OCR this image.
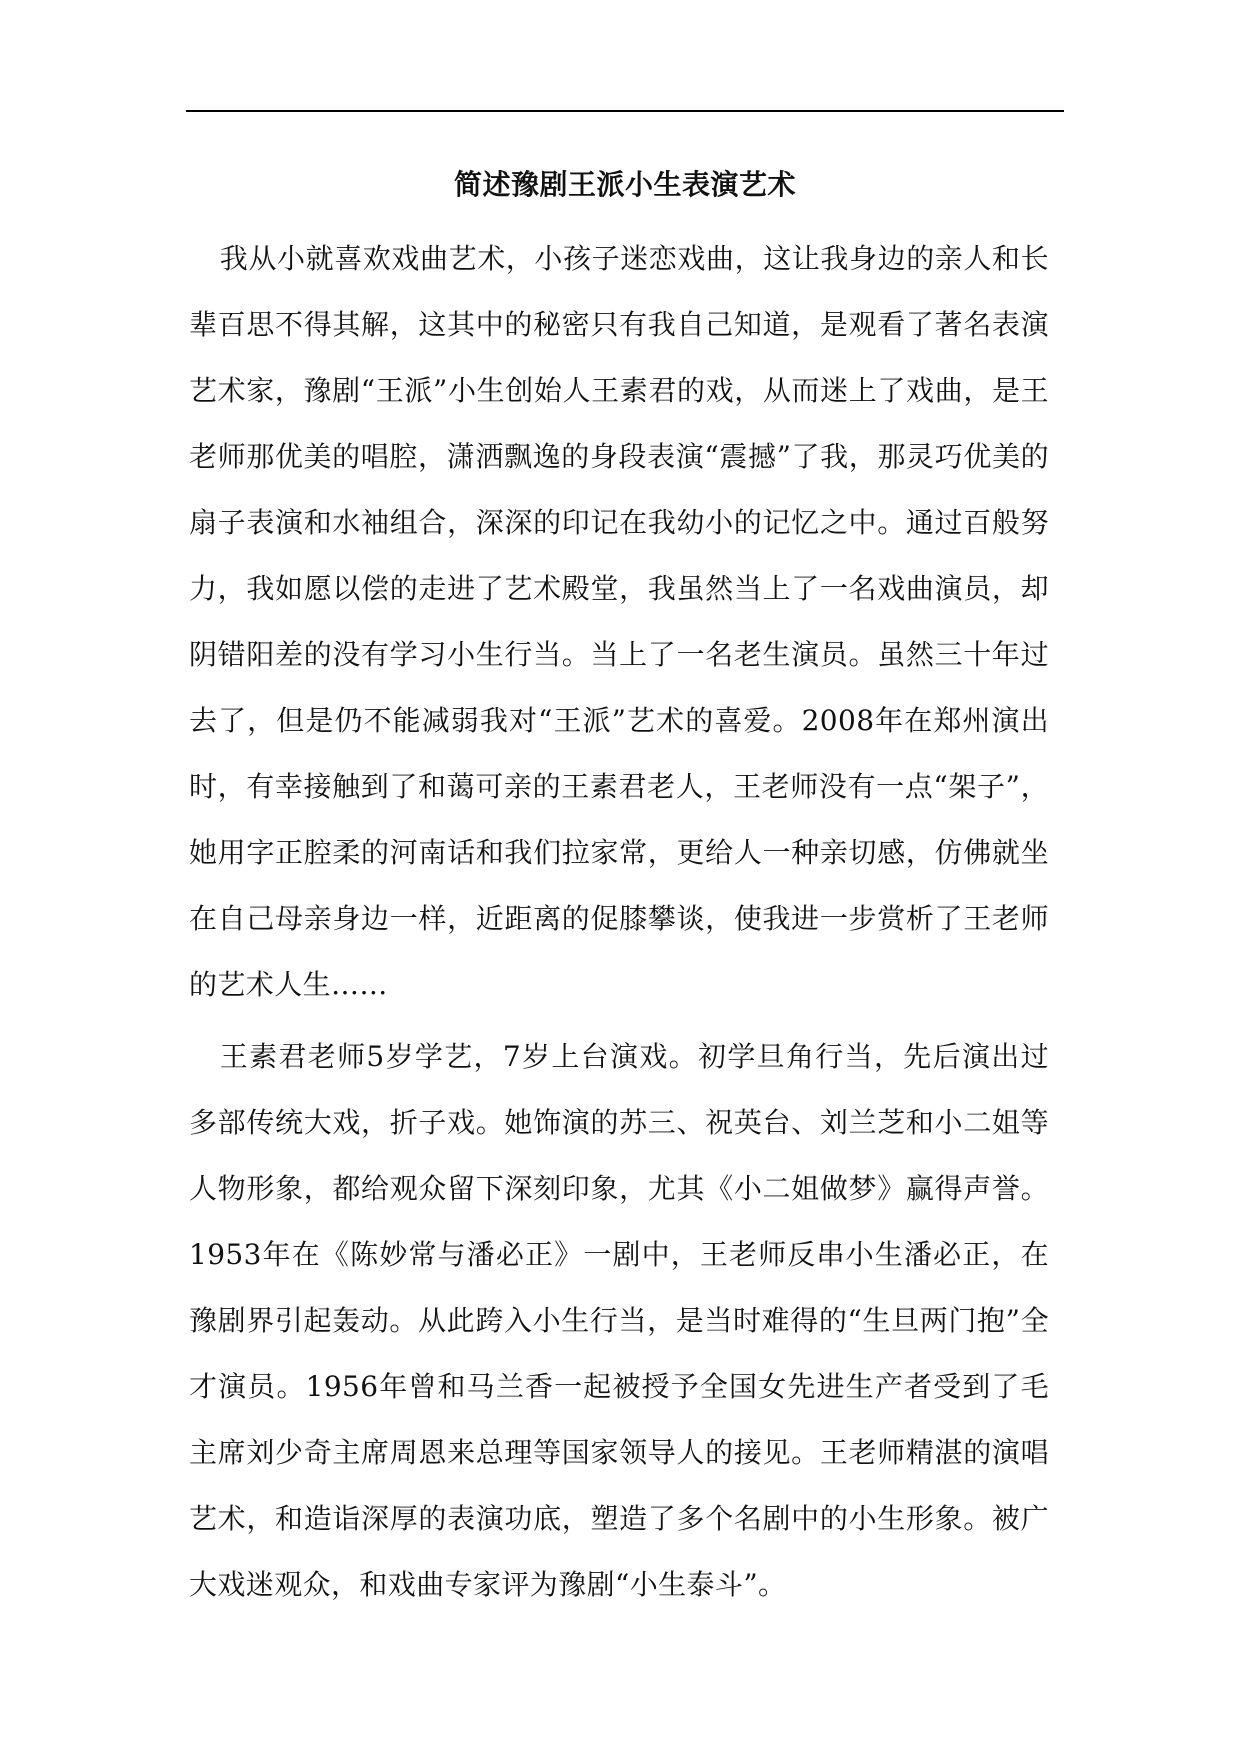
简述豫剧王派小生表演艺术

我从小就喜欢戏曲艺术，小孩子迷恋戏曲，这让我身边的亲人和长辈百思不得其解，这其中的秘密只有我自己知道，是观看了著名表演艺术家，豫剧“王派”小生创始人王素君的戏，从而迷上了戏曲，是王老师那优美的唱腔，潇洒飘逸的身段表演“震撼”了我，那灵巧优美的扇子表演和水袖组合，深深的印记在我幼小的记忆之中。通过百般努力，我如愿以偿的走进了艺术殿堂，我虽然当上了一名戏曲演员，却阴错阳差的没有学习小生行当。当上了一名老生演员。虽然三十年过去了，但是仍不能减弱我对“王派”艺术的喜爱。2008年在郑州演出时，有幸接触到了和蔼可亲的王素君老人，王老师没有一点“架子”，她用字正腔柔的河南话和我们拉家常，更给人一种亲切感，仿佛就坐在自己母亲身边一样，近距离的促膝攀谈，使我进一步赏析了王老师的艺术人生……

王素君老师5岁学艺，7岁上台演戏。初学旦角行当，先后演出过多部传统大戏，折子戏。她饰演的苏三、祝英台、刘兰芝和小二姐等人物形象，都给观众留下深刻印象，尤其《小二姐做梦》赢得声誉。1953年在《陈妙常与潘必正》一剧中，王老师反串小生潘必正，在豫剧界引起轰动。从此跨入小生行当，是当时难得的“生旦两门抱”全才演员。1956年曾和马兰香一起被授予全国女先进生产者受到了毛主席刘少奇主席周恩来总理等国家领导人的接见。王老师精湛的演唱艺术，和造诣深厚的表演功底，塑造了多个名剧中的小生形象。被广大戏迷观众，和戏曲专家评为豫剧“小生泰斗”。
